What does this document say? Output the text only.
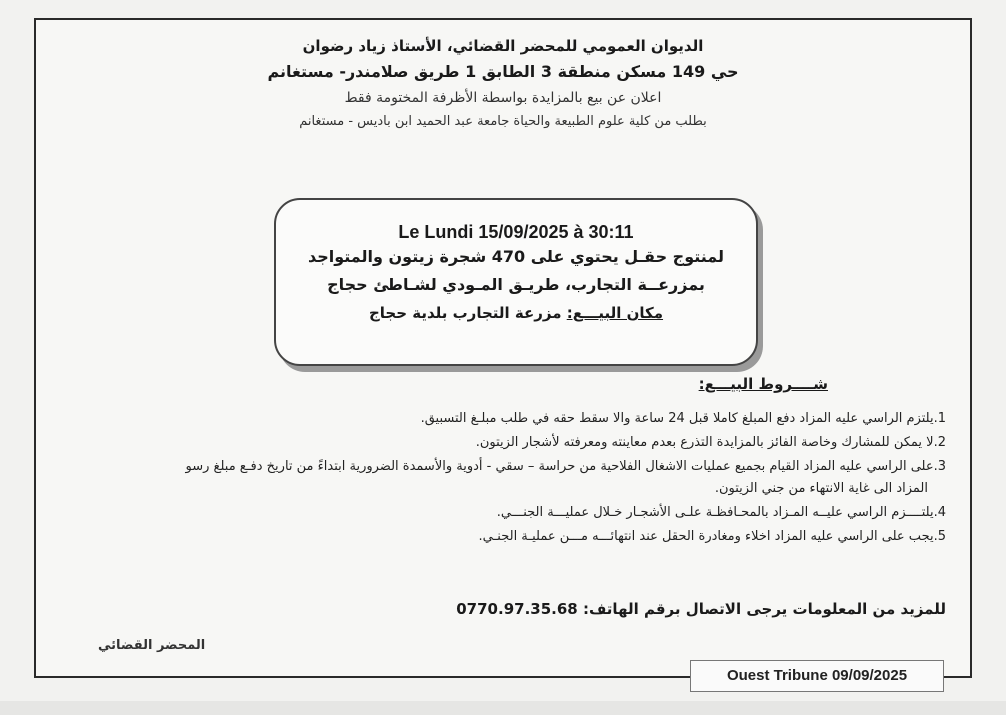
الديوان العمومي للمحضر القضائي، الأستاذ زياد رضوان
حي 149 مسكن منطقة 3 الطابق 1 طريق صلامندر- مستغانم
اعلان عن بيع بالمزايدة بواسطة الأظرفة المختومة فقط
بطلب من كلية علوم الطبيعة والحياة جامعة عبد الحميد ابن باديس - مستغانم
Le Lundi 15/09/2025 à 30:11
لمنتوج حقـل يحتوي على 470 شجرة زيتون والمتواجد
بمزرعــة التجارب، طريـق المـودي لشـاطئ حجاج
مكان البيـــع: مزرعة التجارب بلدية حجاج
شــــروط البيـــع:
1.يلتزم الراسي عليه المزاد دفع المبلغ كاملا قبل 24 ساعة والا سقط حقه في طلب مبلـغ التسبيق.
2.لا يمكن للمشارك وخاصة الفائز بالمزايدة التذرع بعدم معاينته ومعرفته لأشجار الزيتون.
3.على الراسي عليه المزاد القيام بجميع عمليات الاشغال الفلاحية من حراسة – سقي - أدوية والأسمدة الضرورية ابتداءً من تاريخ دفـع مبلغ رسو
المزاد الى غاية الانتهاء من جني الزيتون.
4.يلتــــزم الراسي عليــه المـزاد بالمحـافظـة علـى الأشجـار خـلال عمليـــة الجنـــي.
5.يجب على الراسي عليه المزاد اخلاء ومغادرة الحقل عند انتهائـــه مـــن عمليـة الجنـي.
للمزيد من المعلومات يرجى الاتصال برقم الهاتف: 0770.97.35.68
المحضر القضائي
Ouest Tribune 09/09/2025
